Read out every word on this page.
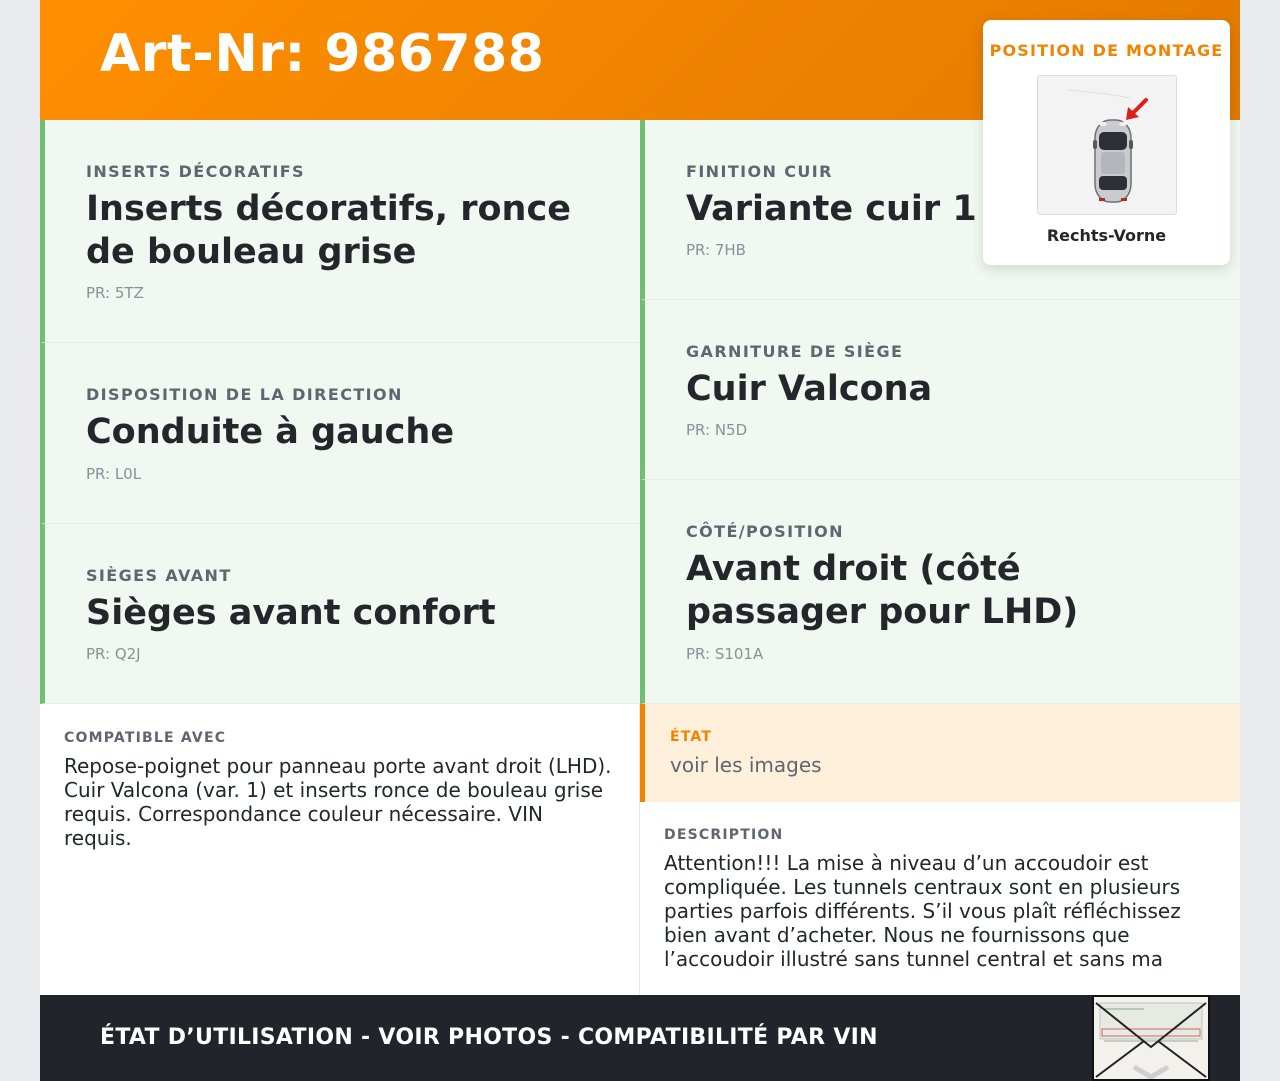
Art-Nr: 986788
INSERTS DÉCORATIFS
Inserts décoratifs, ronce de bouleau grise
PR: 5TZ
DISPOSITION DE LA DIRECTION
Conduite à gauche
PR: L0L
SIÈGES AVANT
Sièges avant confort
PR: Q2J
FINITION CUIR
Variante cuir 1
PR: 7HB
GARNITURE DE SIÈGE
Cuir Valcona
PR: N5D
CÔTÉ/POSITION
Avant droit (côté passager pour LHD)
PR: S101A
POSITION DE MONTAGE
Rechts-Vorne
COMPATIBLE AVEC
Repose-poignet pour panneau porte avant droit (LHD). Cuir Valcona (var. 1) et inserts ronce de bouleau grise requis. Correspondance couleur nécessaire. VIN requis.
ÉTAT
voir les images
DESCRIPTION
Attention!!! La mise à niveau d’un accoudoir est compliquée. Les tunnels centraux sont en plusieurs parties parfois différents. S’il vous plaît réfléchissez bien avant d’acheter. Nous ne fournissons que l’accoudoir illustré sans tunnel central et sans ma
ÉTAT D’UTILISATION - VOIR PHOTOS - COMPATIBILITÉ PAR VIN
